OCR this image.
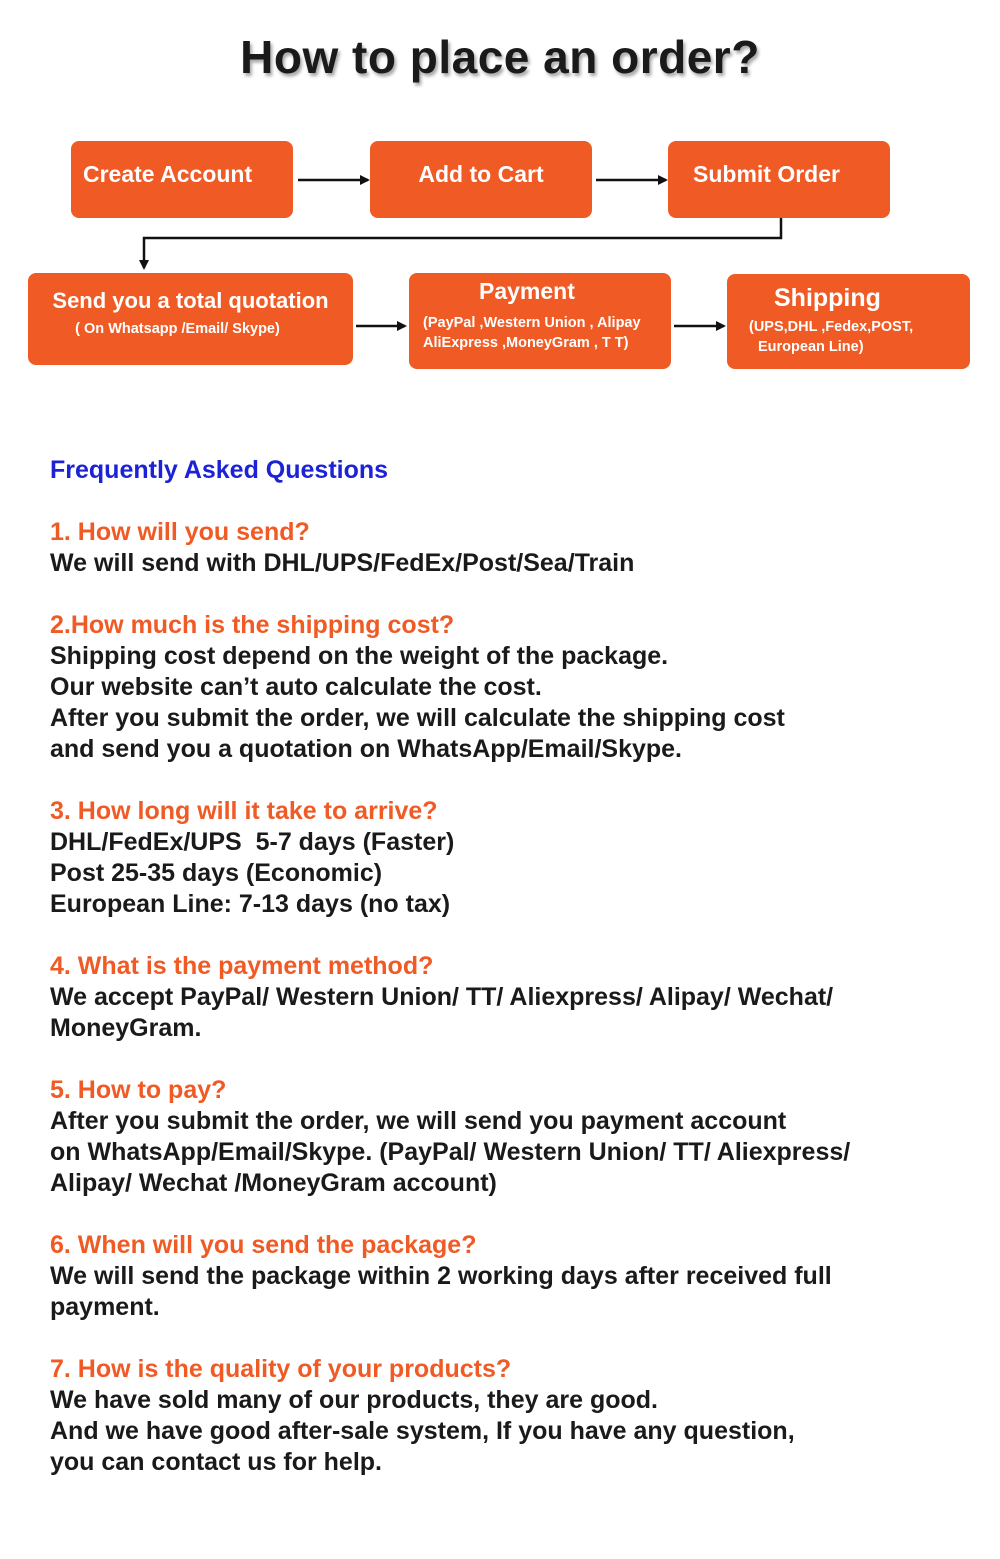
How to place an order?
Create Account	Add to Cart	Submit Order
Send you a total quotation
( On Whatsapp /Email/ Skype)
Payment
(PayPal ,Western Union , Alipay
AliExpress ,MoneyGram , T T)
Shipping
(UPS,DHL ,Fedex,POST,
European Line)
Frequently Asked Questions
1. How will you send?
We will send with DHL/UPS/FedEx/Post/Sea/Train
2.How much is the shipping cost?
Shipping cost depend on the weight of the package.
Our website can’t auto calculate the cost.
After you submit the order, we will calculate the shipping cost
and send you a quotation on WhatsApp/Email/Skype.
3. How long will it take to arrive?
DHL/FedEx/UPS  5-7 days (Faster)
Post 25-35 days (Economic)
European Line: 7-13 days (no tax)
4. What is the payment method?
We accept PayPal/ Western Union/ TT/ Aliexpress/ Alipay/ Wechat/
MoneyGram.
5. How to pay?
After you submit the order, we will send you payment account
on WhatsApp/Email/Skype. (PayPal/ Western Union/ TT/ Aliexpress/
Alipay/ Wechat /MoneyGram account)
6. When will you send the package?
We will send the package within 2 working days after received full
payment.
7. How is the quality of your products?
We have sold many of our products, they are good.
And we have good after-sale system, If you have any question,
you can contact us for help.
